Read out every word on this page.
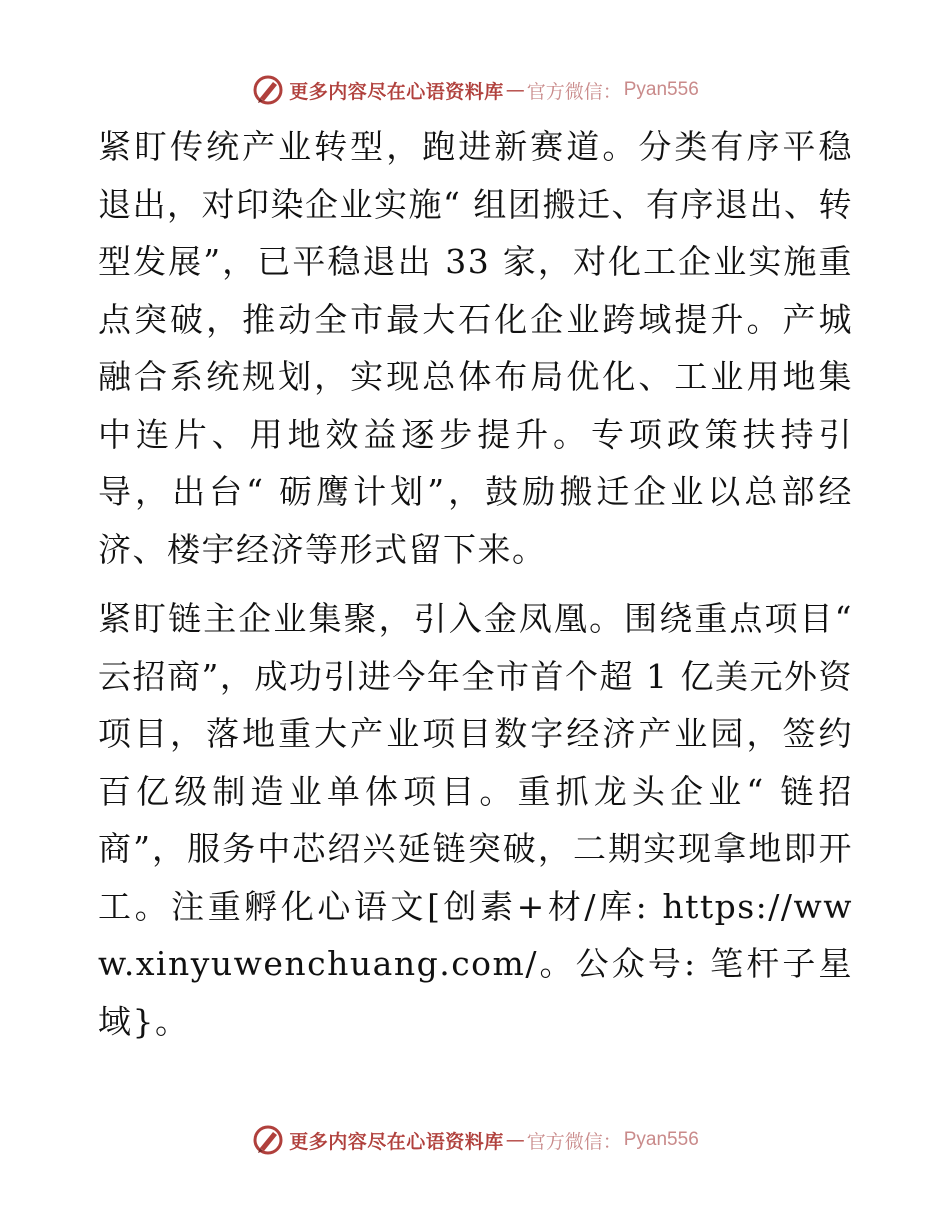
更多内容尽在心语资料库 — 官方微信： Pyan556

紧盯传统产业转型，跑进新赛道。分类有序平稳退出，对印染企业实施“ 组团搬迁、有序退出、转型发展”，已平稳退出 33 家，对化工企业实施重点突破，推动全市最大石化企业跨域提升。产城融合系统规划，实现总体布局优化、工业用地集中连片、用地效益逐步提升。专项政策扶持引导，出台“ 砺鹰计划”，鼓励搬迁企业以总部经济、楼宇经济等形式留下来。

紧盯链主企业集聚，引入金凤凰。围绕重点项目“ 云招商”，成功引进今年全市首个超 1 亿美元外资项目，落地重大产业项目数字经济产业园，签约百亿级制造业单体项目。重抓龙头企业“ 链招商”，服务中芯绍兴延链突破，二期实现拿地即开工。注重孵化心语文[创素+材/库: https://www.xinyuwenchuang.com/。公众号: 笔杆子星域}。

更多内容尽在心语资料库 — 官方微信： Pyan556
